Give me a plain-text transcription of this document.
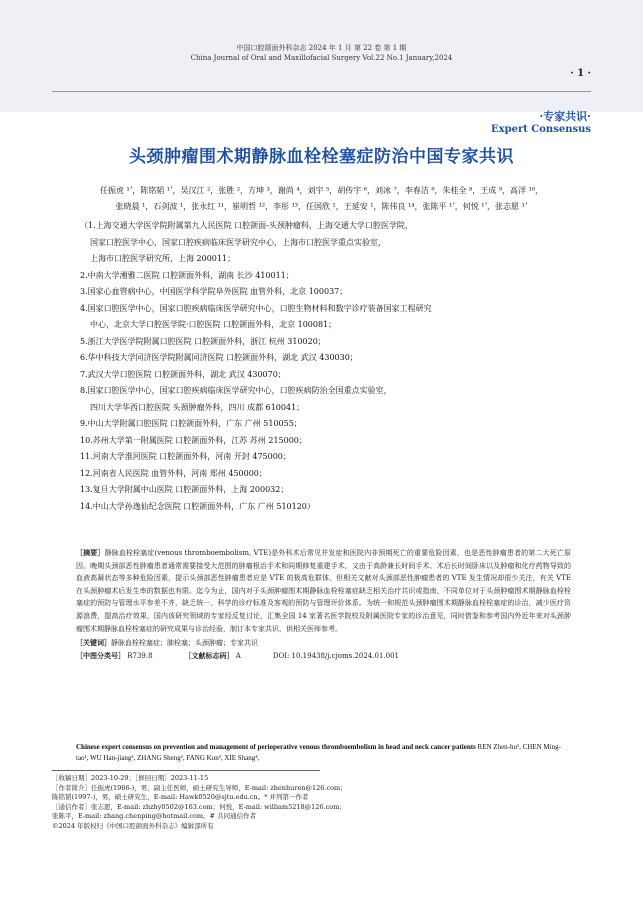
中国口腔颌面外科杂志 2024 年 1 月 第 22 卷 第 1 期
China Journal of Oral and Maxillofacial Surgery Vol.22 No.1 January,2024
· 1 ·
·专家共识·
Expert Consensus
头颈肿瘤围术期静脉血栓栓塞症防治中国专家共识
任振虎 ¹ʼ，陈铭韬 ¹ʼ，吴汉江 ²，张胜 ²，方坤 ³，谢尚 ⁴，刘宇 ⁵，胡传宇 ⁶，刘冰 ⁷，李春洁 ⁸，朱桂全 ⁸，王成 ⁹，高洋 ¹⁰，
张晓晨 ¹，石剑波 ¹，张永红 ¹¹，崔明哲 ¹²，李彤 ¹³，任国欣 ¹，王延安 ¹，陈伟良 ¹⁴，张陈平 ¹ʼ，何悦 ¹ʼ，张志愿 ¹ʼ
（1.上海交通大学医学院附属第九人民医院 口腔颌面-头颈肿瘤科，上海交通大学口腔医学院，
国家口腔医学中心，国家口腔疾病临床医学研究中心，上海市口腔医学重点实验室，
上海市口腔医学研究所，上海 200011；
2.中南大学湘雅二医院 口腔颌面外科，湖南 长沙 410011；
3.国家心血管病中心，中国医学科学院阜外医院 血管外科，北京 100037；
4.国家口腔医学中心，国家口腔疾病临床医学研究中心，口腔生物材料和数字诊疗装备国家工程研究
中心，北京大学口腔医学院·口腔医院 口腔颌面外科，北京 100081；
5.浙江大学医学院附属口腔医院 口腔颌面外科，浙江 杭州 310020；
6.华中科技大学同济医学院附属同济医院 口腔颌面外科，湖北 武汉 430030；
7.武汉大学口腔医院 口腔颌面外科，湖北 武汉 430070；
8.国家口腔医学中心，国家口腔疾病临床医学研究中心，口腔疾病防治全国重点实验室，
四川大学华西口腔医院 头颈肿瘤外科，四川 成都 610041；
9.中山大学附属口腔医院 口腔颌面外科，广东 广州 510055；
10.苏州大学第一附属医院 口腔颌面外科，江苏 苏州 215000；
11.河南大学淮河医院 口腔颌面外科，河南 开封 475000；
12.河南省人民医院 血管外科，河南 郑州 450000；
13.复旦大学附属中山医院 口腔颌面外科，上海 200032；
14.中山大学孙逸仙纪念医院 口腔颌面外科，广东 广州 510120）
［摘要］静脉血栓栓塞症(venous thromboembolism, VTE)是外科术后常见并发症和医院内非预期死亡的重要危险因素，也是恶性肿瘤患者的第二大死亡原因。晚期头颈部恶性肿瘤患者通常需要接受大范围的肿瘤根治手术和同期修复重建手术，又由于高龄兼长时间手术、术后长时间卧床以及肿瘤和化疗药物导致的血液高凝状态等多种危险因素，提示头颈部恶性肿瘤患者应是 VTE 的极高危群体，但相关文献对头颈部恶性肿瘤患者的 VTE 发生情况却很少关注，有关 VTE 在头颈肿瘤术后发生率的数据也有限。迄今为止，国内对于头颈肿瘤围术期静脉血栓栓塞症缺乏相关治疗共识或指南，不同单位对于头颈肿瘤围术期静脉血栓栓塞症的预防与管理水平参差不齐，缺乏统一、科学的诊疗标准及客观的预防与管理评价体系。为统一和规范头颈肿瘤围术期静脉血栓栓塞症的诊治，减少医疗资源浪费，提高治疗效果，国内该研究领域的专家经反复讨论，汇集全国 14 家著名医学院校及附属医院专家的诊治意见，同时借鉴和参考国内外近年来对头颈肿瘤围术期静脉血栓栓塞症的研究成果与诊治经验，制订本专家共识，供相关医师参考。
［关键词］静脉血栓栓塞症；肺栓塞；头颈肿瘤；专家共识
［中图分类号］ R739.8	［文献标志码］ A	DOI: 10.19438/j.cjoms.2024.01.001
Chinese expert consensus on prevention and management of perioperative venous thromboembolism in head and neck cancer patients REN Zhen-hu¹, CHEN Ming-tao¹, WU Han-jiang², ZHANG Sheng², FANG Kun³, XIE Shang⁴,
［收稿日期］2023-10-29；［修回日期］2023-11-15
［作者简介］任振虎(1986-)，男，副主任医师，硕士研究生导师，E-mail: zhenhuren@126.com；
陈铭韬(1997-)，男，硕士研究生，E-mail: Hawk0520@sjtu.edu.cn。* 并列第一作者
［通信作者］张志愿，E-mail: zhzhy0502@163.com；何悦，E-mail: william5218@126.com；
张陈平，E-mail: zhang.chenping@hotmail.com。# 共同通信作者
©2024 年版权归《中国口腔颌面外科杂志》编辑部所有
